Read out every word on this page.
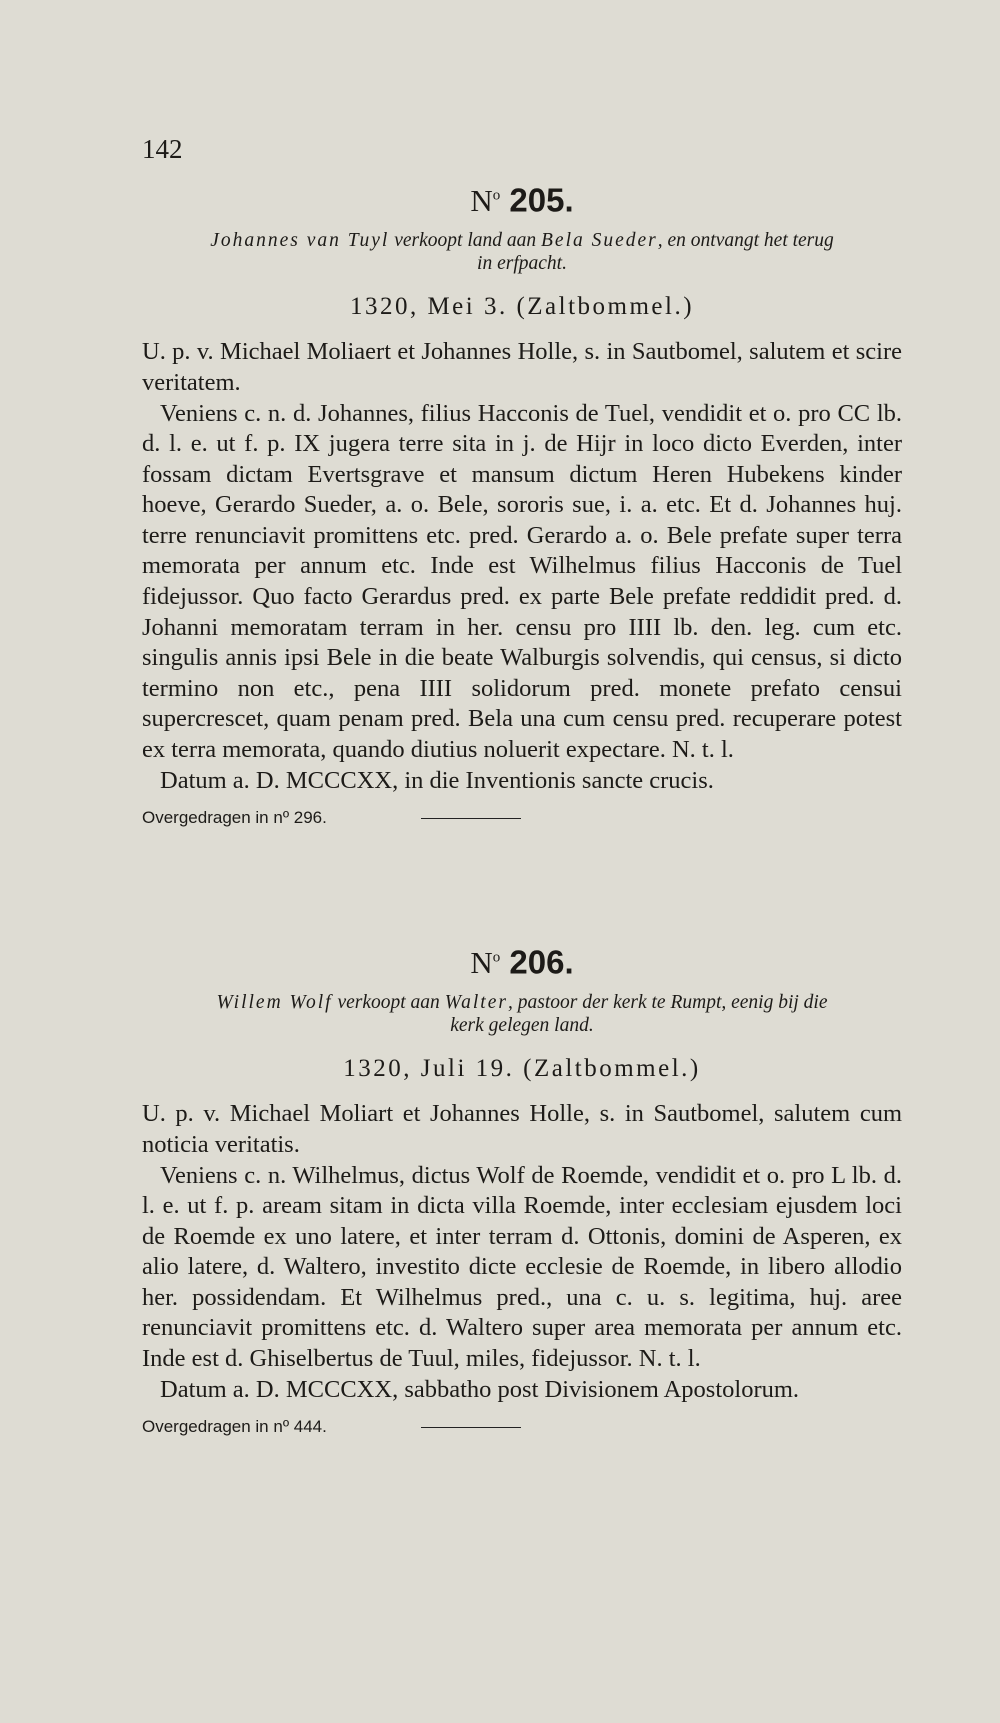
142
$N^o$ 205.
Johannes van Tuyl verkoopt land aan Bela Sueder, en ontvangt het terug
in erfpacht.
1320, Mei 3. (Zaltbommel.)

U. p. v. Michael Moliaert et Johannes Holle, s. in Sautbomel, salutem et scire veritatem.

Veniens c. n. d. Johannes, filius Hacconis de Tuel, vendidit et o. pro CC lb. d. l. e. ut f. p. IX jugera terre sita in j. de Hijr in loco dicto Everden, inter fossam dictam Evertsgrave et mansum dictum Heren Hubekens kinder hoeve, Gerardo Sueder, a. o. Bele, sororis sue, i. a. etc. Et d. Johannes huj. terre renunciavit promittens etc. pred. Gerardo a. o. Bele prefate super terra memorata per annum etc. Inde est Wilhelmus filius Hacconis de Tuel fidejussor. Quo facto Gerardus pred. ex parte Bele prefate reddidit pred. d. Johanni memoratam terram in her. censu pro IIII lb. den. leg. cum etc. singulis annis ipsi Bele in die beate Walburgis solvendis, qui census, si dicto termino non etc., pena IIII solidorum pred. monete prefato censui supercrescet, quam penam pred. Bela una cum censu pred. recuperare potest ex terra memorata, quando diutius noluerit expectare. N. t. l.

Datum a. D. MCCCXX, in die Inventionis sancte crucis.

Overgedragen in nº 296.
$N^o$ 206.
Willem Wolf verkoopt aan Walter, pastoor der kerk te Rumpt, eenig bij die
kerk gelegen land.
1320, Juli 19. (Zaltbommel.)

U. p. v. Michael Moliart et Johannes Holle, s. in Sautbomel, salutem cum noticia veritatis.

Veniens c. n. Wilhelmus, dictus Wolf de Roemde, vendidit et o. pro L lb. d. l. e. ut f. p. aream sitam in dicta villa Roemde, inter ecclesiam ejusdem loci de Roemde ex uno latere, et inter terram d. Ottonis, domini de Asperen, ex alio latere, d. Waltero, investito dicte ecclesie de Roemde, in libero allodio her. possidendam. Et Wilhelmus pred., una c. u. s. legitima, huj. aree renunciavit promittens etc. d. Waltero super area memorata per annum etc. Inde est d. Ghiselbertus de Tuul, miles, fidejussor. N. t. l.

Datum a. D. MCCCXX, sabbatho post Divisionem Apostolorum.

Overgedragen in nº 444.
